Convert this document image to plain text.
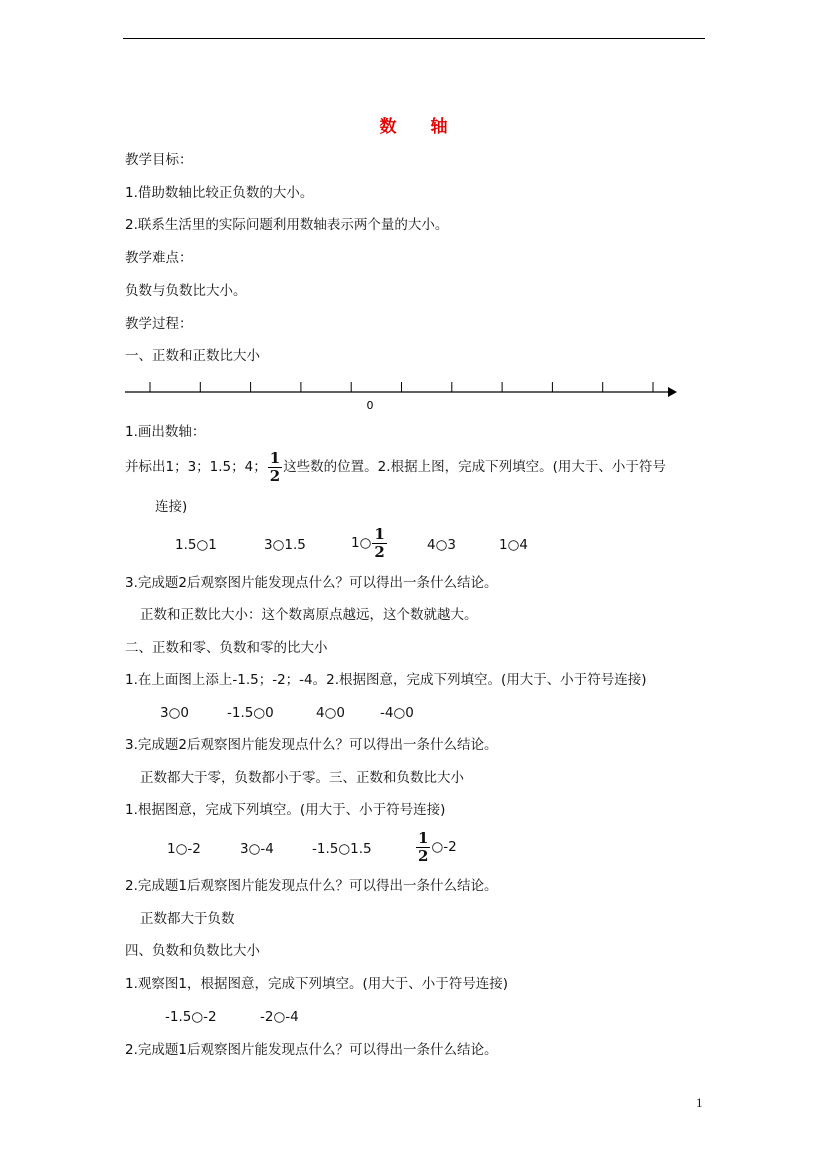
数 轴
教学目标：
1.借助数轴比较正负数的大小。
2.联系生活里的实际问题利用数轴表示两个量的大小。
教学难点：
负数与负数比大小。
教学过程：
一、正数和正数比大小
0
1.画出数轴：
并标出1；3；1.5；4； $\frac{1}{2}$ 这些数的位置。2.根据上图，完成下列填空。(用大于、小于符号
连接)
1.5○1	3○1.5	1○ $\frac{1}{2}$	4○3	1○4
3.完成题2后观察图片能发现点什么？可以得出一条什么结论。
正数和正数比大小：这个数离原点越远，这个数就越大。
二、正数和零、负数和零的比大小
1.在上面图上添上-1.5；-2；-4。2.根据图意，完成下列填空。(用大于、小于符号连接)
3○0	-1.5○0	4○0	-4○0
3.完成题2后观察图片能发现点什么？可以得出一条什么结论。
正数都大于零，负数都小于零。三、正数和负数比大小
1.根据图意，完成下列填空。(用大于、小于符号连接)
1○-2	3○-4	-1.5○1.5	$\frac{1}{2}$ ○-2
2.完成题1后观察图片能发现点什么？可以得出一条什么结论。
正数都大于负数
四、负数和负数比大小
1.观察图1，根据图意，完成下列填空。(用大于、小于符号连接)
-1.5○-2	-2○-4
2.完成题1后观察图片能发现点什么？可以得出一条什么结论。
1
